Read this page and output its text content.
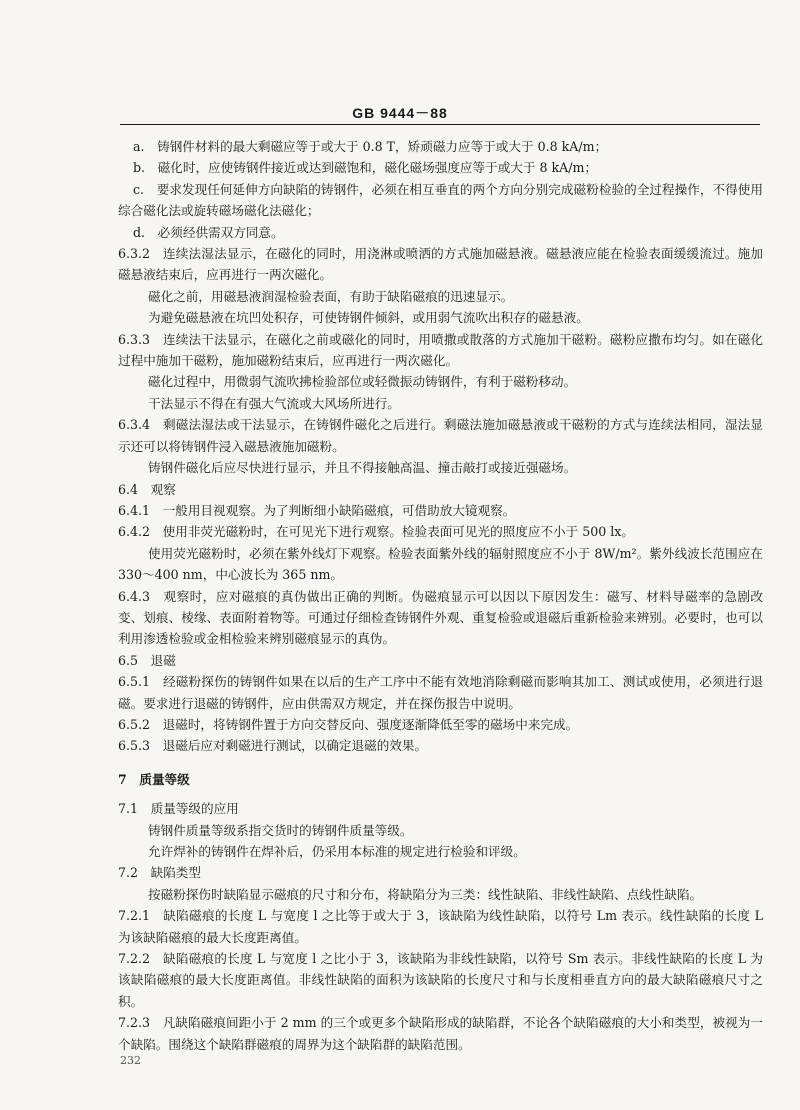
GB 9444－88

a.　铸钢件材料的最大剩磁应等于或大于 0.8 T，矫顽磁力应等于或大于 0.8 kA/m；

b.　磁化时，应使铸钢件接近或达到磁饱和，磁化磁场强度应等于或大于 8 kA/m；

c.　要求发现任何延伸方向缺陷的铸钢件，必须在相互垂直的两个方向分别完成磁粉检验的全过程操作，不得使用综合磁化法或旋转磁场磁化法磁化；

d.　必须经供需双方同意。

6.3.2　连续法湿法显示，在磁化的同时，用浇淋或喷洒的方式施加磁悬液。磁悬液应能在检验表面缓缓流过。施加磁悬液结束后，应再进行一两次磁化。

磁化之前，用磁悬液润湿检验表面，有助于缺陷磁痕的迅速显示。

为避免磁悬液在坑凹处积存，可使铸钢件倾斜，或用弱气流吹出积存的磁悬液。

6.3.3　连续法干法显示，在磁化之前或磁化的同时，用喷撒或散落的方式施加干磁粉。磁粉应撒布均匀。如在磁化过程中施加干磁粉，施加磁粉结束后，应再进行一两次磁化。

磁化过程中，用微弱气流吹拂检验部位或轻微振动铸钢件，有利于磁粉移动。

干法显示不得在有强大气流或大风场所进行。

6.3.4　剩磁法湿法或干法显示，在铸钢件磁化之后进行。剩磁法施加磁悬液或干磁粉的方式与连续法相同，湿法显示还可以将铸钢件浸入磁悬液施加磁粉。

铸钢件磁化后应尽快进行显示，并且不得接触高温、撞击敲打或接近强磁场。

6.4　观察

6.4.1　一般用目视观察。为了判断细小缺陷磁痕，可借助放大镜观察。

6.4.2　使用非荧光磁粉时，在可见光下进行观察。检验表面可见光的照度应不小于 500 lx。

使用荧光磁粉时，必须在紫外线灯下观察。检验表面紫外线的辐射照度应不小于 8W/m²。紫外线波长范围应在 330～400 nm，中心波长为 365 nm。

6.4.3　观察时，应对磁痕的真伪做出正确的判断。伪磁痕显示可以因以下原因发生：磁写、材料导磁率的急剧改变、划痕、棱缘、表面附着物等。可通过仔细检查铸钢件外观、重复检验或退磁后重新检验来辨别。必要时，也可以利用渗透检验或金相检验来辨别磁痕显示的真伪。

6.5　退磁

6.5.1　经磁粉探伤的铸钢件如果在以后的生产工序中不能有效地消除剩磁而影响其加工、测试或使用，必须进行退磁。要求进行退磁的铸钢件，应由供需双方规定，并在探伤报告中说明。

6.5.2　退磁时，将铸钢件置于方向交替反向、强度逐渐降低至零的磁场中来完成。

6.5.3　退磁后应对剩磁进行测试，以确定退磁的效果。

7　质量等级

7.1　质量等级的应用

铸钢件质量等级系指交货时的铸钢件质量等级。

允许焊补的铸钢件在焊补后，仍采用本标准的规定进行检验和评级。

7.2　缺陷类型

按磁粉探伤时缺陷显示磁痕的尺寸和分布，将缺陷分为三类：线性缺陷、非线性缺陷、点线性缺陷。

7.2.1　缺陷磁痕的长度 L 与宽度 l 之比等于或大于 3，该缺陷为线性缺陷，以符号 Lm 表示。线性缺陷的长度 L 为该缺陷磁痕的最大长度距离值。

7.2.2　缺陷磁痕的长度 L 与宽度 l 之比小于 3，该缺陷为非线性缺陷，以符号 Sm 表示。非线性缺陷的长度 L 为该缺陷磁痕的最大长度距离值。非线性缺陷的面积为该缺陷的长度尺寸和与长度相垂直方向的最大缺陷磁痕尺寸之积。

7.2.3　凡缺陷磁痕间距小于 2 mm 的三个或更多个缺陷形成的缺陷群，不论各个缺陷磁痕的大小和类型，被视为一个缺陷。围绕这个缺陷群磁痕的周界为这个缺陷群的缺陷范围。

232
